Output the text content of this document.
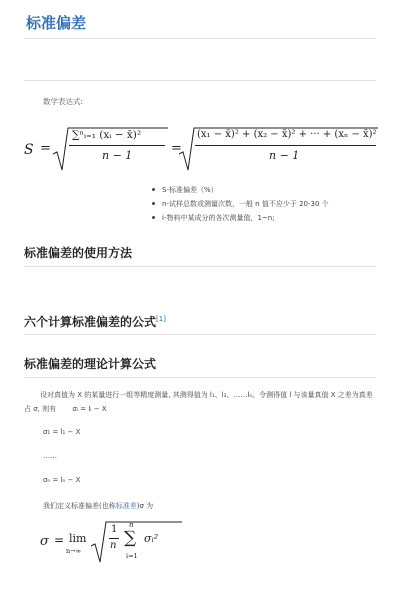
标准偏差
数学表达式:
S =
∑ⁿᵢ₌₁ (xᵢ − x̄)²
n − 1	=
(x₁ − x̄)² + (x₂ − x̄)² + ··· + (xₙ − x̄)²
n − 1
S-标准偏差（%）
n-试样总数或测量次数，一般 n 值不应少于 20-30 个
i-物料中某成分的各次测量值，1~n;
标准偏差的使用方法
六个计算标准偏差的公式[1]
标准偏差的理论计算公式
设对真值为 X 的某量进行一组等精度测量, 其测得值为 l₁、l₂、……lₙ。令测得值 l 与该量真值 X 之差为真差占 σ, 则有 σᵢ = lᵢ − X
σ₁ = l₁ − X
……
σₙ = lₙ − X
我们定义标准偏差(也称标准差)σ 为
σ = lim
n→∞
1
n
n
∑
i=1
σᵢ²
